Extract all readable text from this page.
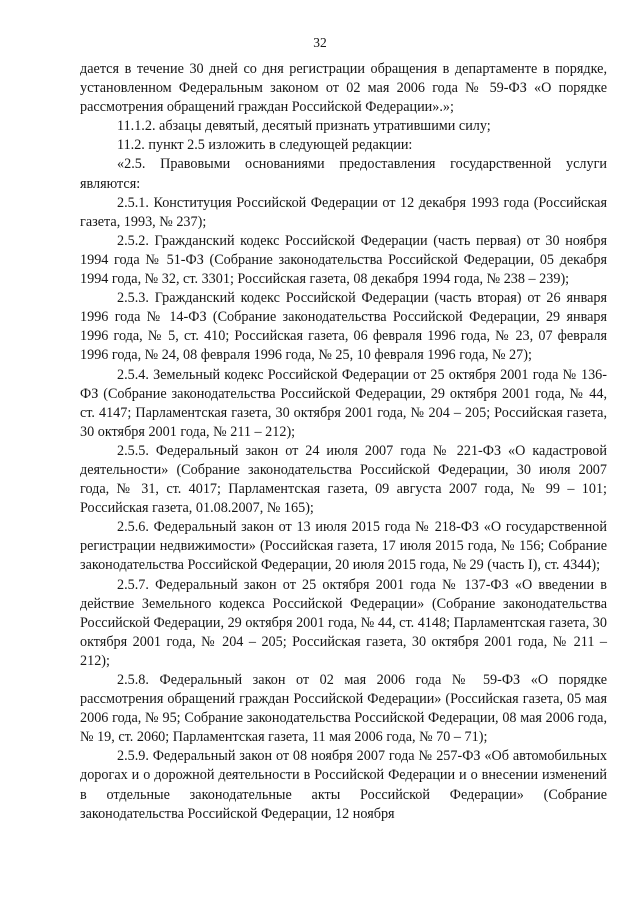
32

дается в течение 30 дней со дня регистрации обращения в департаменте в порядке, установленном Федеральным законом от 02 мая 2006 года № 59-ФЗ «О порядке рассмотрения обращений граждан Российской Федерации».»;

11.1.2. абзацы девятый, десятый признать утратившими силу;

11.2. пункт 2.5 изложить в следующей редакции:

«2.5. Правовыми основаниями предоставления государственной услуги являются:

2.5.1. Конституция Российской Федерации от 12 декабря 1993 года (Российская газета, 1993, № 237);

2.5.2. Гражданский кодекс Российской Федерации (часть первая) от 30 ноября 1994 года № 51-ФЗ (Собрание законодательства Российской Федерации, 05 декабря 1994 года, № 32, ст. 3301; Российская газета, 08 декабря 1994 года, № 238 – 239);

2.5.3. Гражданский кодекс Российской Федерации (часть вторая) от 26 января 1996 года № 14-ФЗ (Собрание законодательства Российской Федерации, 29 января 1996 года, № 5, ст. 410; Российская газета, 06 февраля 1996 года, № 23, 07 февраля 1996 года, № 24, 08 февраля 1996 года, № 25, 10 февраля 1996 года, № 27);

2.5.4. Земельный кодекс Российской Федерации от 25 октября 2001 года № 136-ФЗ (Собрание законодательства Российской Федерации, 29 октября 2001 года, № 44, ст. 4147; Парламентская газета, 30 октября 2001 года, № 204 – 205; Российская газета, 30 октября 2001 года, № 211 – 212);

2.5.5. Федеральный закон от 24 июля 2007 года № 221-ФЗ «О кадастровой деятельности» (Собрание законодательства Российской Федерации, 30 июля 2007 года, № 31, ст. 4017; Парламентская газета, 09 августа 2007 года, № 99 – 101; Российская газета, 01.08.2007, № 165);

2.5.6. Федеральный закон от 13 июля 2015 года № 218-ФЗ «О государственной регистрации недвижимости» (Российская газета, 17 июля 2015 года, № 156; Собрание законодательства Российской Федерации, 20 июля 2015 года, № 29 (часть I), ст. 4344);

2.5.7. Федеральный закон от 25 октября 2001 года № 137-ФЗ «О введении в действие Земельного кодекса Российской Федерации» (Собрание законодательства Российской Федерации, 29 октября 2001 года, № 44, ст. 4148; Парламентская газета, 30 октября 2001 года, № 204 – 205; Российская газета, 30 октября 2001 года, № 211 – 212);

2.5.8. Федеральный закон от 02 мая 2006 года № 59-ФЗ «О порядке рассмотрения обращений граждан Российской Федерации» (Российская газета, 05 мая 2006 года, № 95; Собрание законодательства Российской Федерации, 08 мая 2006 года, № 19, ст. 2060; Парламентская газета, 11 мая 2006 года, № 70 – 71);

2.5.9. Федеральный закон от 08 ноября 2007 года № 257-ФЗ «Об автомобильных дорогах и о дорожной деятельности в Российской Федерации и о внесении изменений в отдельные законодательные акты Российской Федерации» (Собрание законодательства Российской Федерации, 12 ноября
